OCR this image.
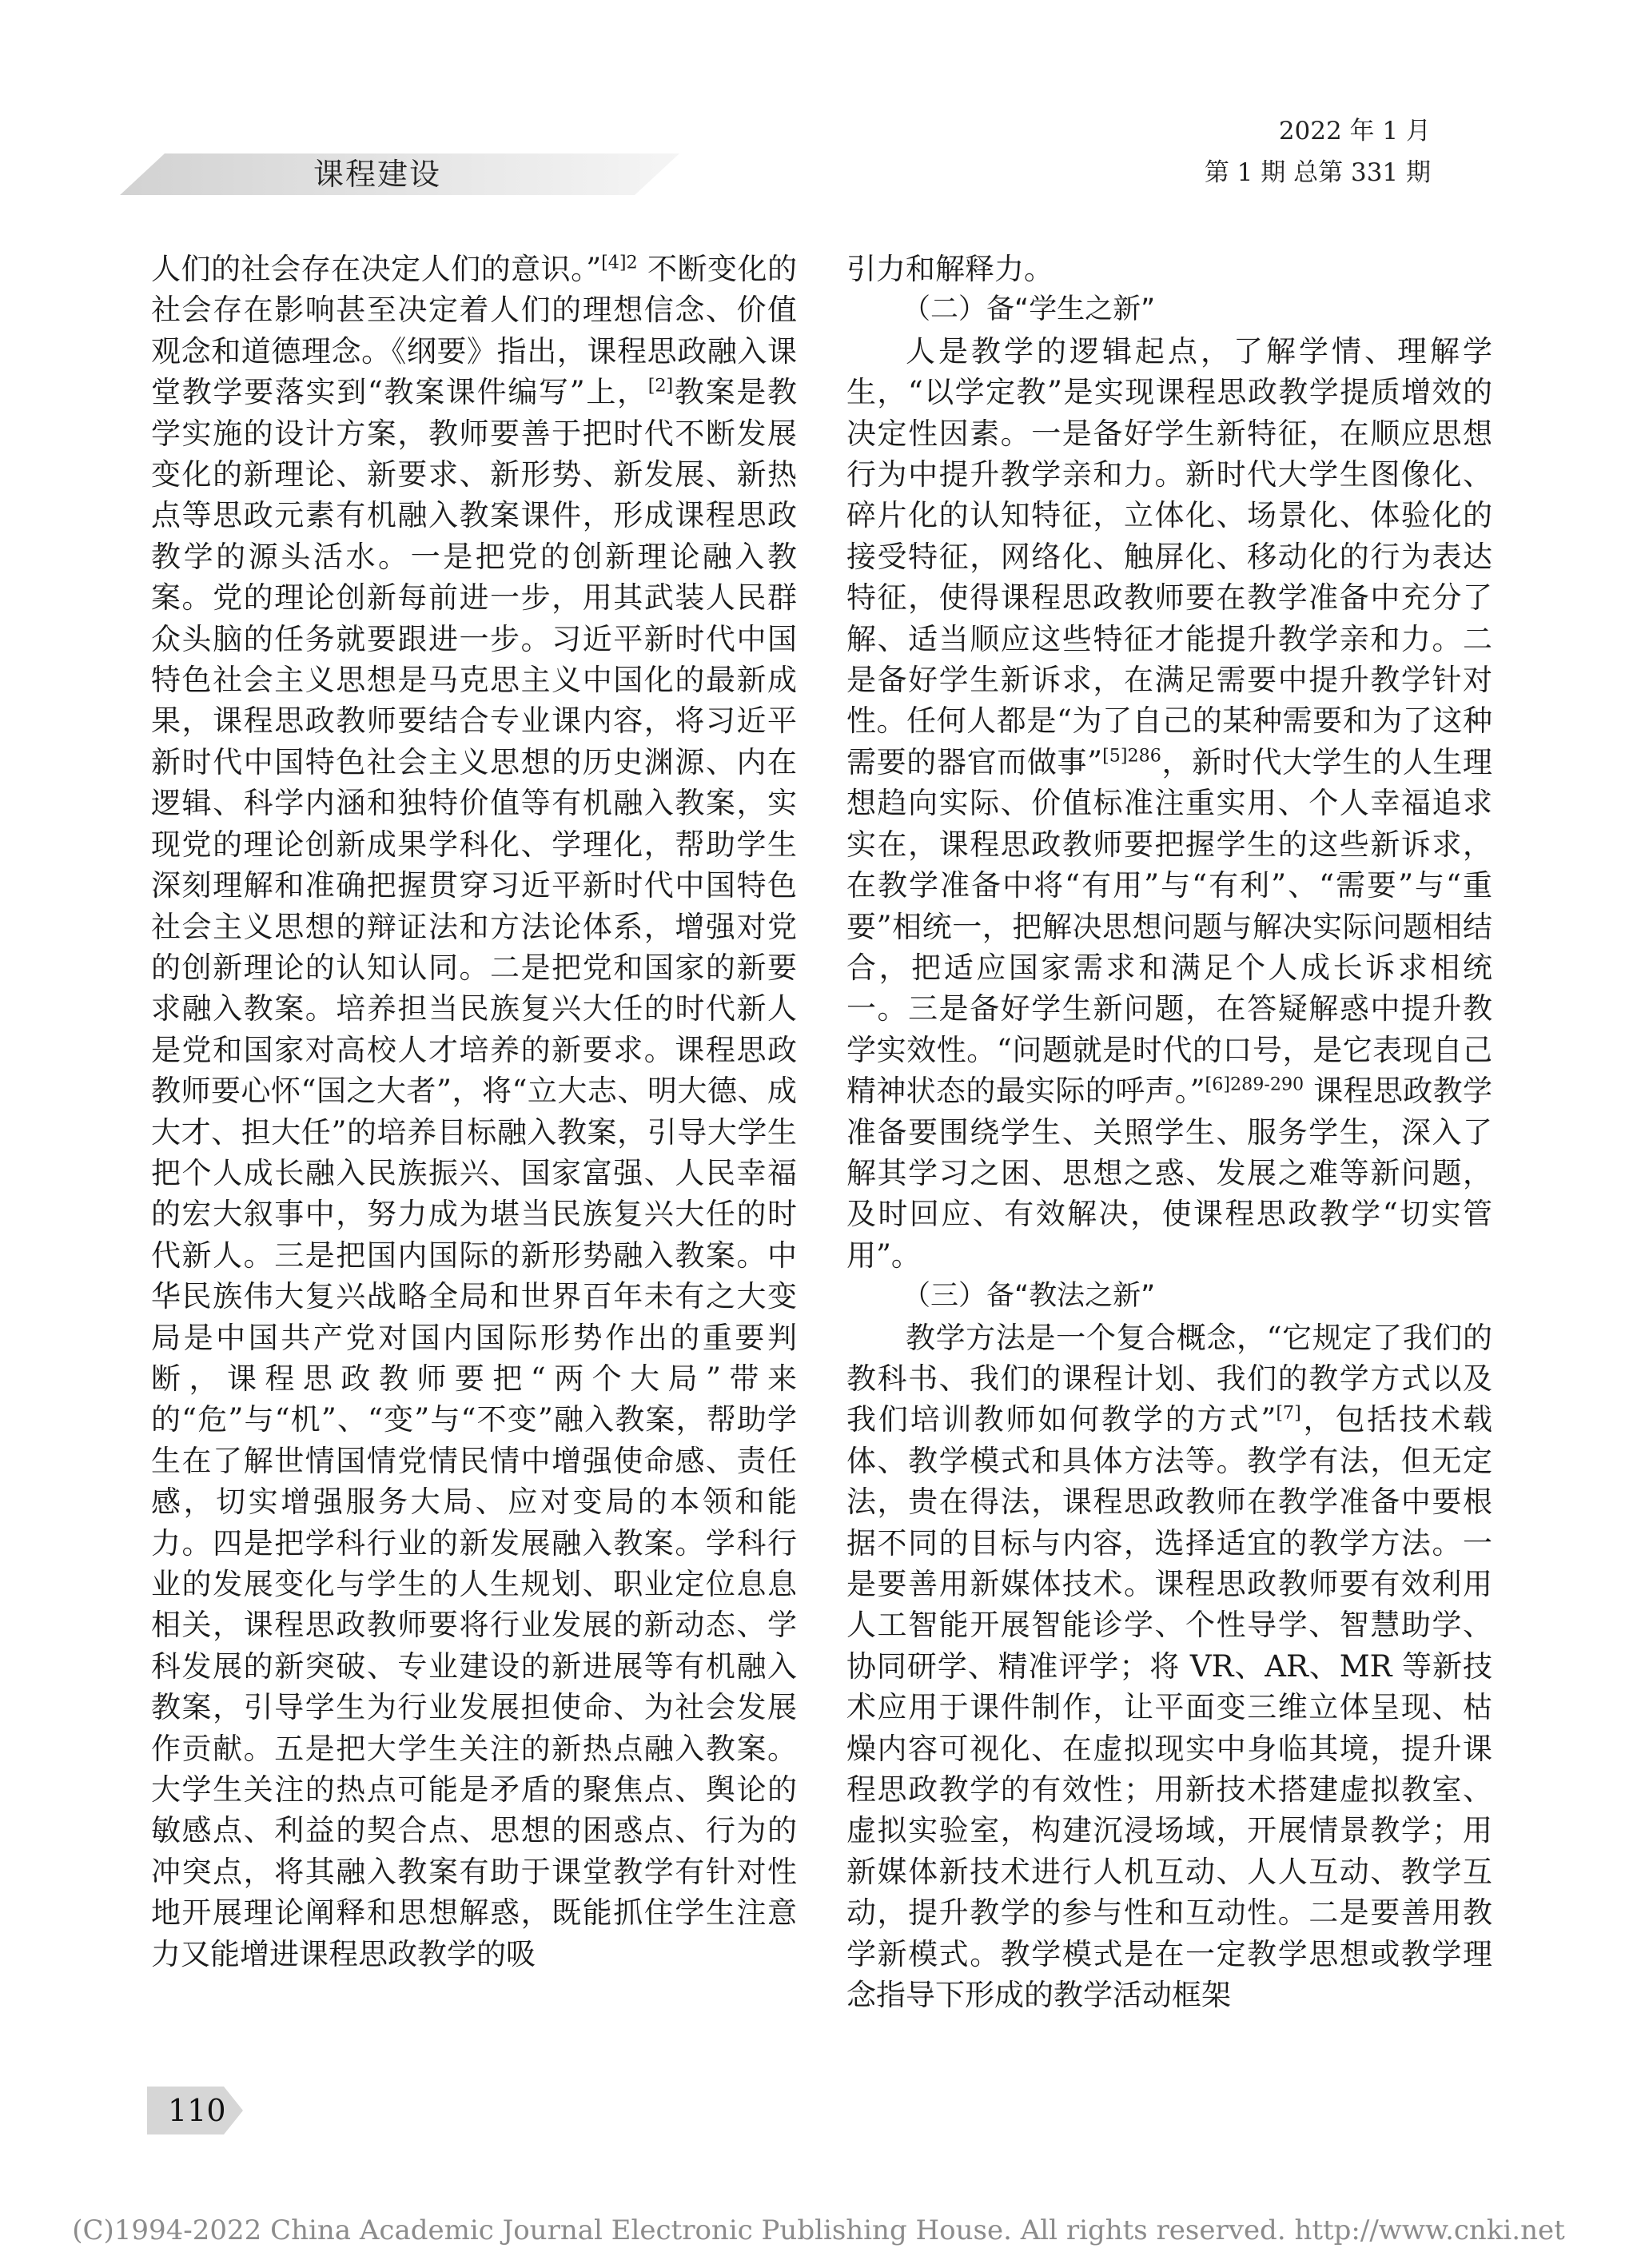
课程建设
2022 年 1 月
第 1 期 总第 331 期

人们的社会存在决定人们的意识。”$^{[4]2}$ 不断变化的社会存在影响甚至决定着人们的理想信念、价值观念和道德理念。《纲要》指出，课程思政融入课堂教学要落实到“教案课件编写”上，[2]教案是教学实施的设计方案，教师要善于把时代不断发展变化的新理论、新要求、新形势、新发展、新热点等思政元素有机融入教案课件，形成课程思政教学的源头活水。一是把党的创新理论融入教案。党的理论创新每前进一步，用其武装人民群众头脑的任务就要跟进一步。习近平新时代中国特色社会主义思想是马克思主义中国化的最新成果，课程思政教师要结合专业课内容，将习近平新时代中国特色社会主义思想的历史渊源、内在逻辑、科学内涵和独特价值等有机融入教案，实现党的理论创新成果学科化、学理化，帮助学生深刻理解和准确把握贯穿习近平新时代中国特色社会主义思想的辩证法和方法论体系，增强对党的创新理论的认知认同。二是把党和国家的新要求融入教案。培养担当民族复兴大任的时代新人是党和国家对高校人才培养的新要求。课程思政教师要心怀“国之大者”，将“立大志、明大德、成大才、担大任”的培养目标融入教案，引导大学生把个人成长融入民族振兴、国家富强、人民幸福的宏大叙事中，努力成为堪当民族复兴大任的时代新人。三是把国内国际的新形势融入教案。中华民族伟大复兴战略全局和世界百年未有之大变局是中国共产党对国内国际形势作出的重要判断，课程思政教师要把“两个大局”带来的“危”与“机”、“变”与“不变”融入教案，帮助学生在了解世情国情党情民情中增强使命感、责任感，切实增强服务大局、应对变局的本领和能力。四是把学科行业的新发展融入教案。学科行业的发展变化与学生的人生规划、职业定位息息相关，课程思政教师要将行业发展的新动态、学科发展的新突破、专业建设的新进展等有机融入教案，引导学生为行业发展担使命、为社会发展作贡献。五是把大学生关注的新热点融入教案。大学生关注的热点可能是矛盾的聚焦点、舆论的敏感点、利益的契合点、思想的困惑点、行为的冲突点，将其融入教案有助于课堂教学有针对性地开展理论阐释和思想解惑，既能抓住学生注意力又能增进课程思政教学的吸

引力和解释力。

（二）备“学生之新”

人是教学的逻辑起点，了解学情、理解学生，“以学定教”是实现课程思政教学提质增效的决定性因素。一是备好学生新特征，在顺应思想行为中提升教学亲和力。新时代大学生图像化、碎片化的认知特征，立体化、场景化、体验化的接受特征，网络化、触屏化、移动化的行为表达特征，使得课程思政教师要在教学准备中充分了解、适当顺应这些特征才能提升教学亲和力。二是备好学生新诉求，在满足需要中提升教学针对性。任何人都是“为了自己的某种需要和为了这种需要的器官而做事”$^{[5]286}$，新时代大学生的人生理想趋向实际、价值标准注重实用、个人幸福追求实在，课程思政教师要把握学生的这些新诉求，在教学准备中将“有用”与“有利”、“需要”与“重要”相统一，把解决思想问题与解决实际问题相结合，把适应国家需求和满足个人成长诉求相统一。三是备好学生新问题，在答疑解惑中提升教学实效性。“问题就是时代的口号，是它表现自己精神状态的最实际的呼声。”$^{[6]289-290}$ 课程思政教学准备要围绕学生、关照学生、服务学生，深入了解其学习之困、思想之惑、发展之难等新问题，及时回应、有效解决，使课程思政教学“切实管用”。

（三）备“教法之新”

教学方法是一个复合概念，“它规定了我们的教科书、我们的课程计划、我们的教学方式以及我们培训教师如何教学的方式”[7]，包括技术载体、教学模式和具体方法等。教学有法，但无定法，贵在得法，课程思政教师在教学准备中要根据不同的目标与内容，选择适宜的教学方法。一是要善用新媒体技术。课程思政教师要有效利用人工智能开展智能诊学、个性导学、智慧助学、协同研学、精准评学；将 VR、AR、MR 等新技术应用于课件制作，让平面变三维立体呈现、枯燥内容可视化、在虚拟现实中身临其境，提升课程思政教学的有效性；用新技术搭建虚拟教室、虚拟实验室，构建沉浸场域，开展情景教学；用新媒体新技术进行人机互动、人人互动、教学互动，提升教学的参与性和互动性。二是要善用教学新模式。教学模式是在一定教学思想或教学理念指导下形成的教学活动框架

110
(C)1994-2022 China Academic Journal Electronic Publishing House. All rights reserved. http://www.cnki.net
